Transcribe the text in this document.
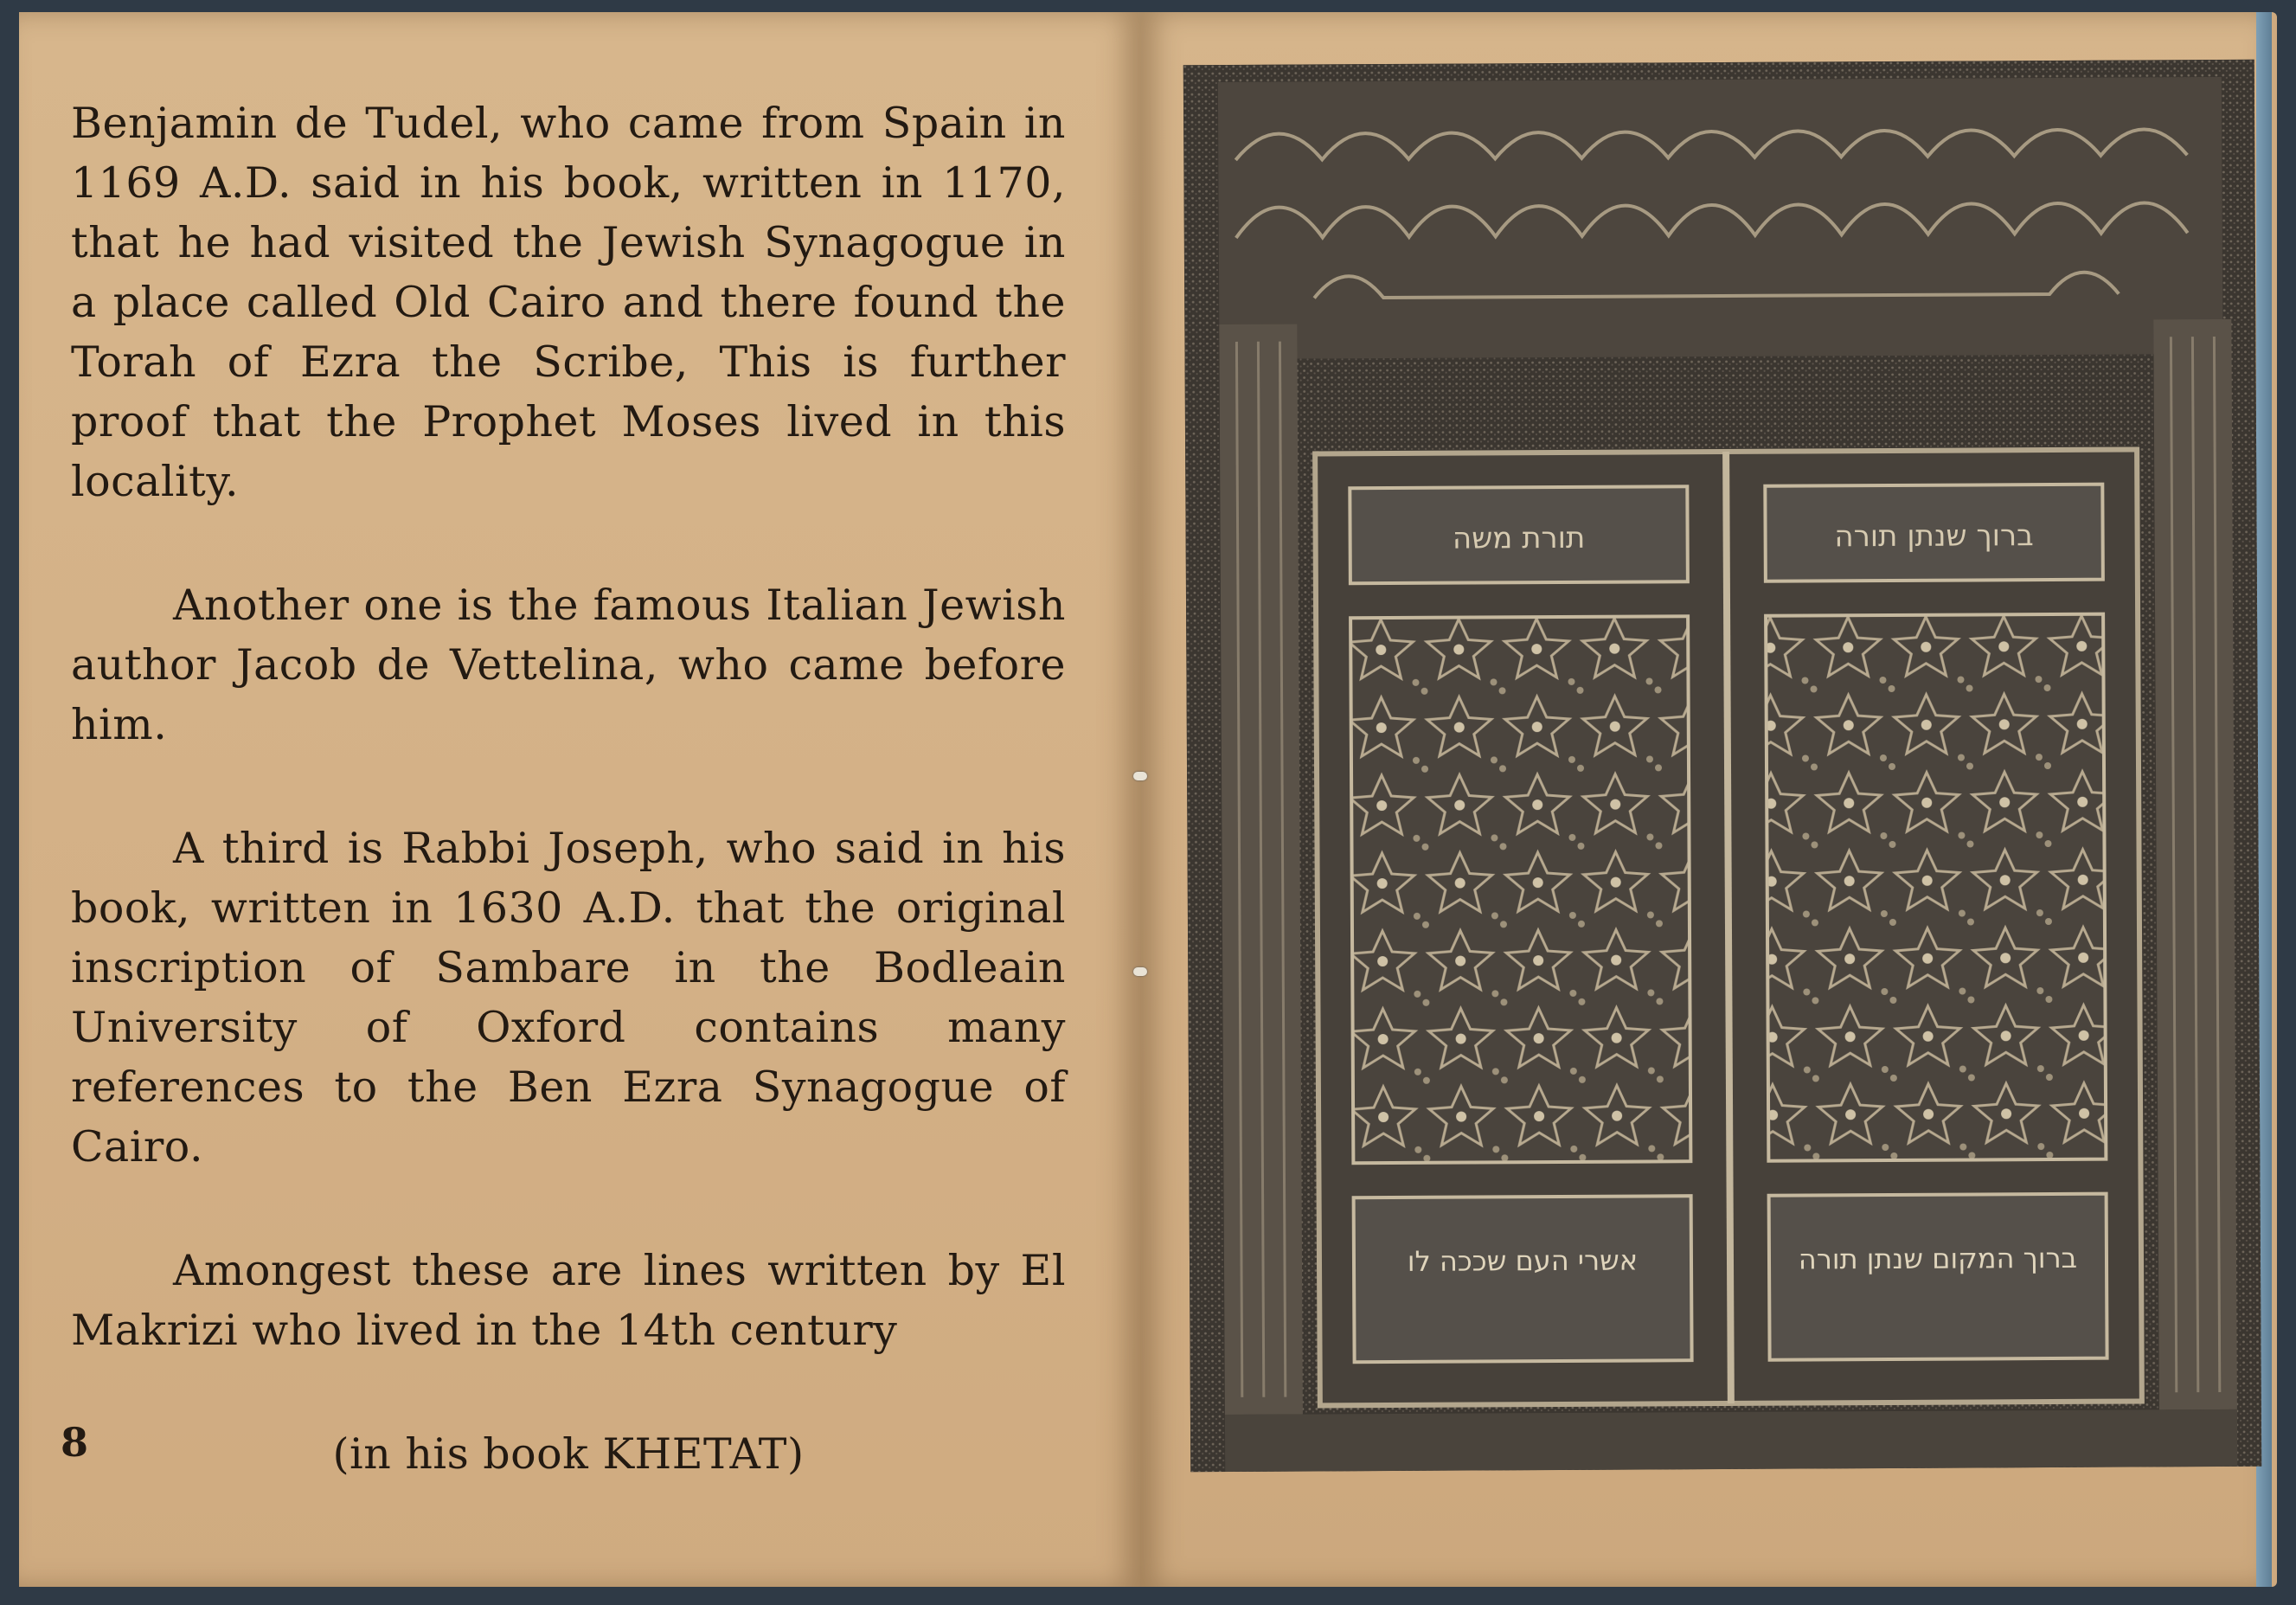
Benjamin de Tudel, who came from Spain in 1169 A.D. said in his book, written in 1170, that he had visited the Jewish Synagogue in a place called Old Cairo and there found the Torah of Ezra the Scribe, This is further proof that the Prophet Moses lived in this locality.

Another one is the famous Italian Jewish author Jacob de Vettelina, who came before him.

A third is Rabbi Joseph, who said in his book, written in 1630 A.D. that the original inscription of Sambare in the Bodleain University of Oxford contains many references to the Ben Ezra Synagogue of Cairo.

Amongest these are lines written by El Makrizi who lived in the 14th century

(in his book KHETAT)

8
תורת משה	ברוך שנתן תורה
אשרי העם שככה לו	ברוך המקום שנתן תורה
